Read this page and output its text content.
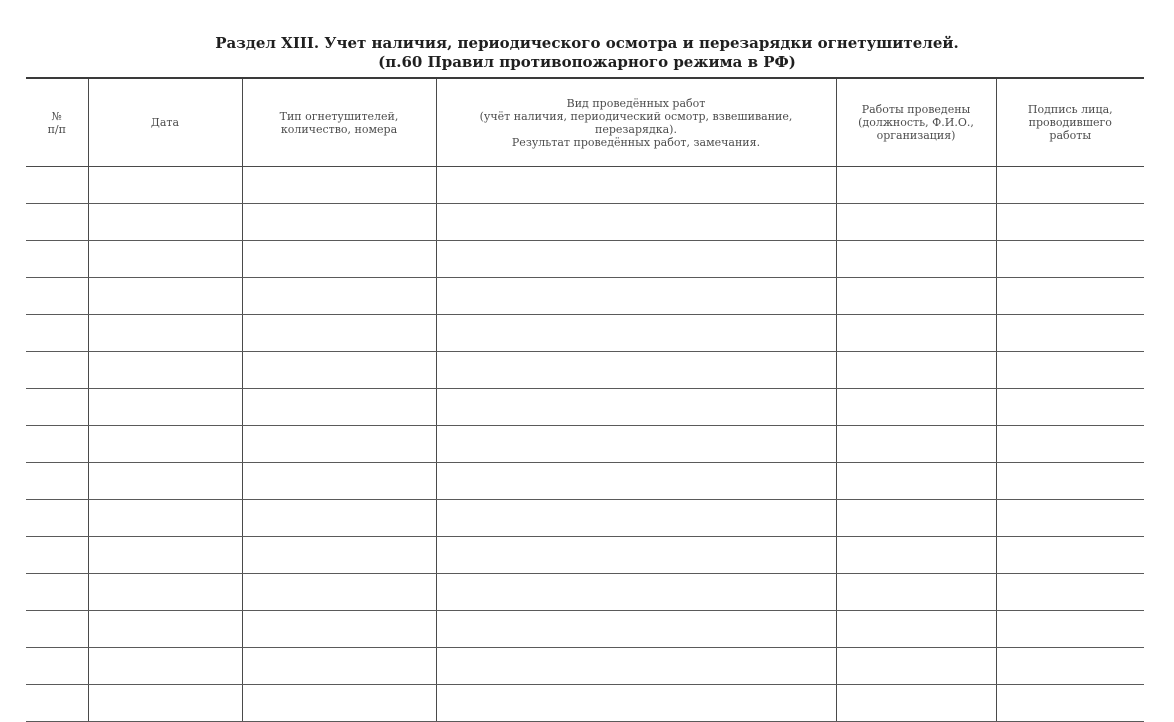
Раздел XIII. Учет наличия, периодического осмотра и перезарядки огнетушителей.
(п.60 Правил противопожарного режима в РФ)
№
п/п	Дата	Тип огнетушителей,
количество, номера	Вид проведённых работ
(учёт наличия, периодический осмотр, взвешивание,
перезарядка).
Результат проведённых работ, замечания.	Работы проведены
(должность, Ф.И.О.,
организация)	Подпись лица,
проводившего
работы
